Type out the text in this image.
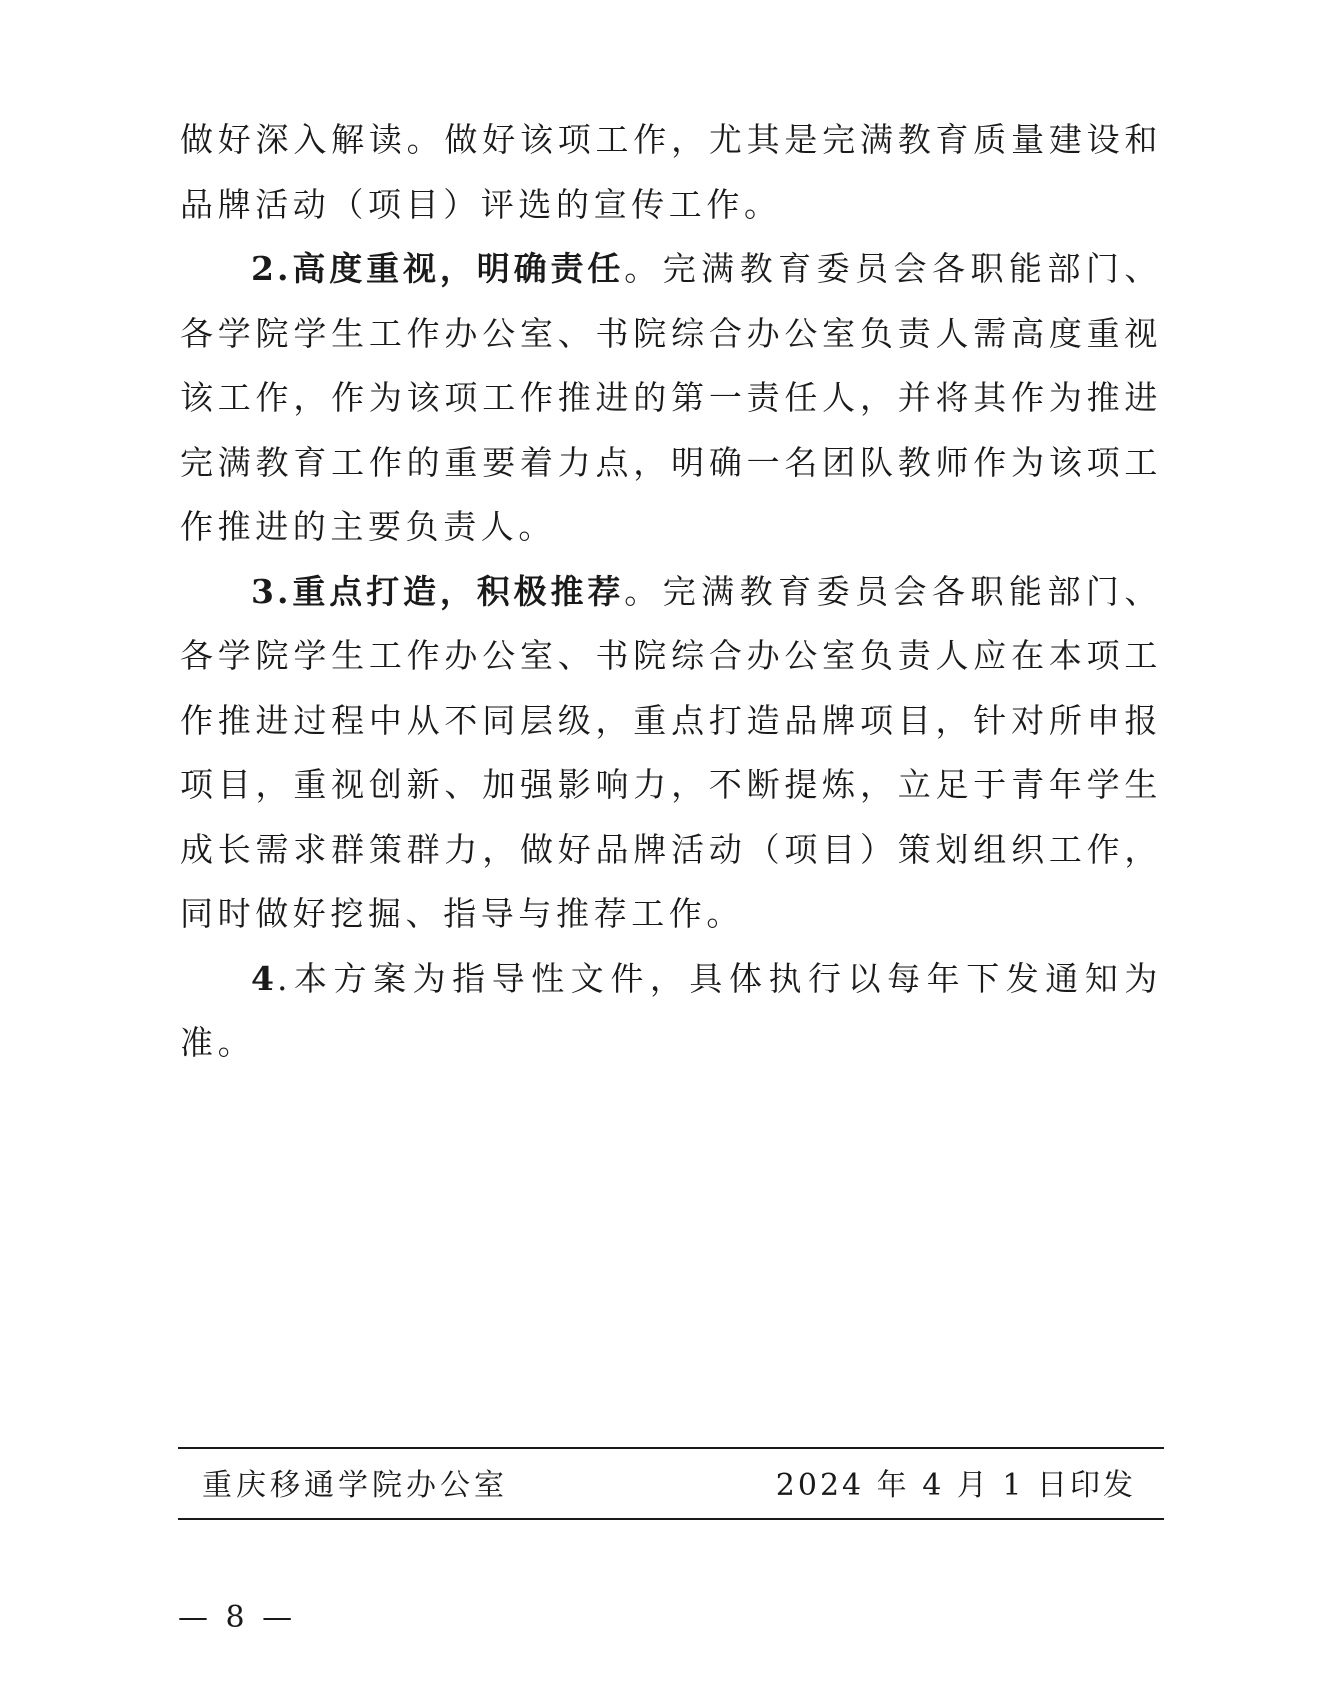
做好深入解读。做好该项工作，尤其是完满教育质量建设和品牌活动（项目）评选的宣传工作。

2.高度重视，明确责任。完满教育委员会各职能部门、各学院学生工作办公室、书院综合办公室负责人需高度重视该工作，作为该项工作推进的第一责任人，并将其作为推进完满教育工作的重要着力点，明确一名团队教师作为该项工作推进的主要负责人。

3.重点打造，积极推荐。完满教育委员会各职能部门、各学院学生工作办公室、书院综合办公室负责人应在本项工作推进过程中从不同层级，重点打造品牌项目，针对所申报项目，重视创新、加强影响力，不断提炼，立足于青年学生成长需求群策群力，做好品牌活动（项目）策划组织工作，同时做好挖掘、指导与推荐工作。

4.本方案为指导性文件，具体执行以每年下发通知为准。

重庆移通学院办公室	2024 年 4 月 1 日印发
— 8 —
